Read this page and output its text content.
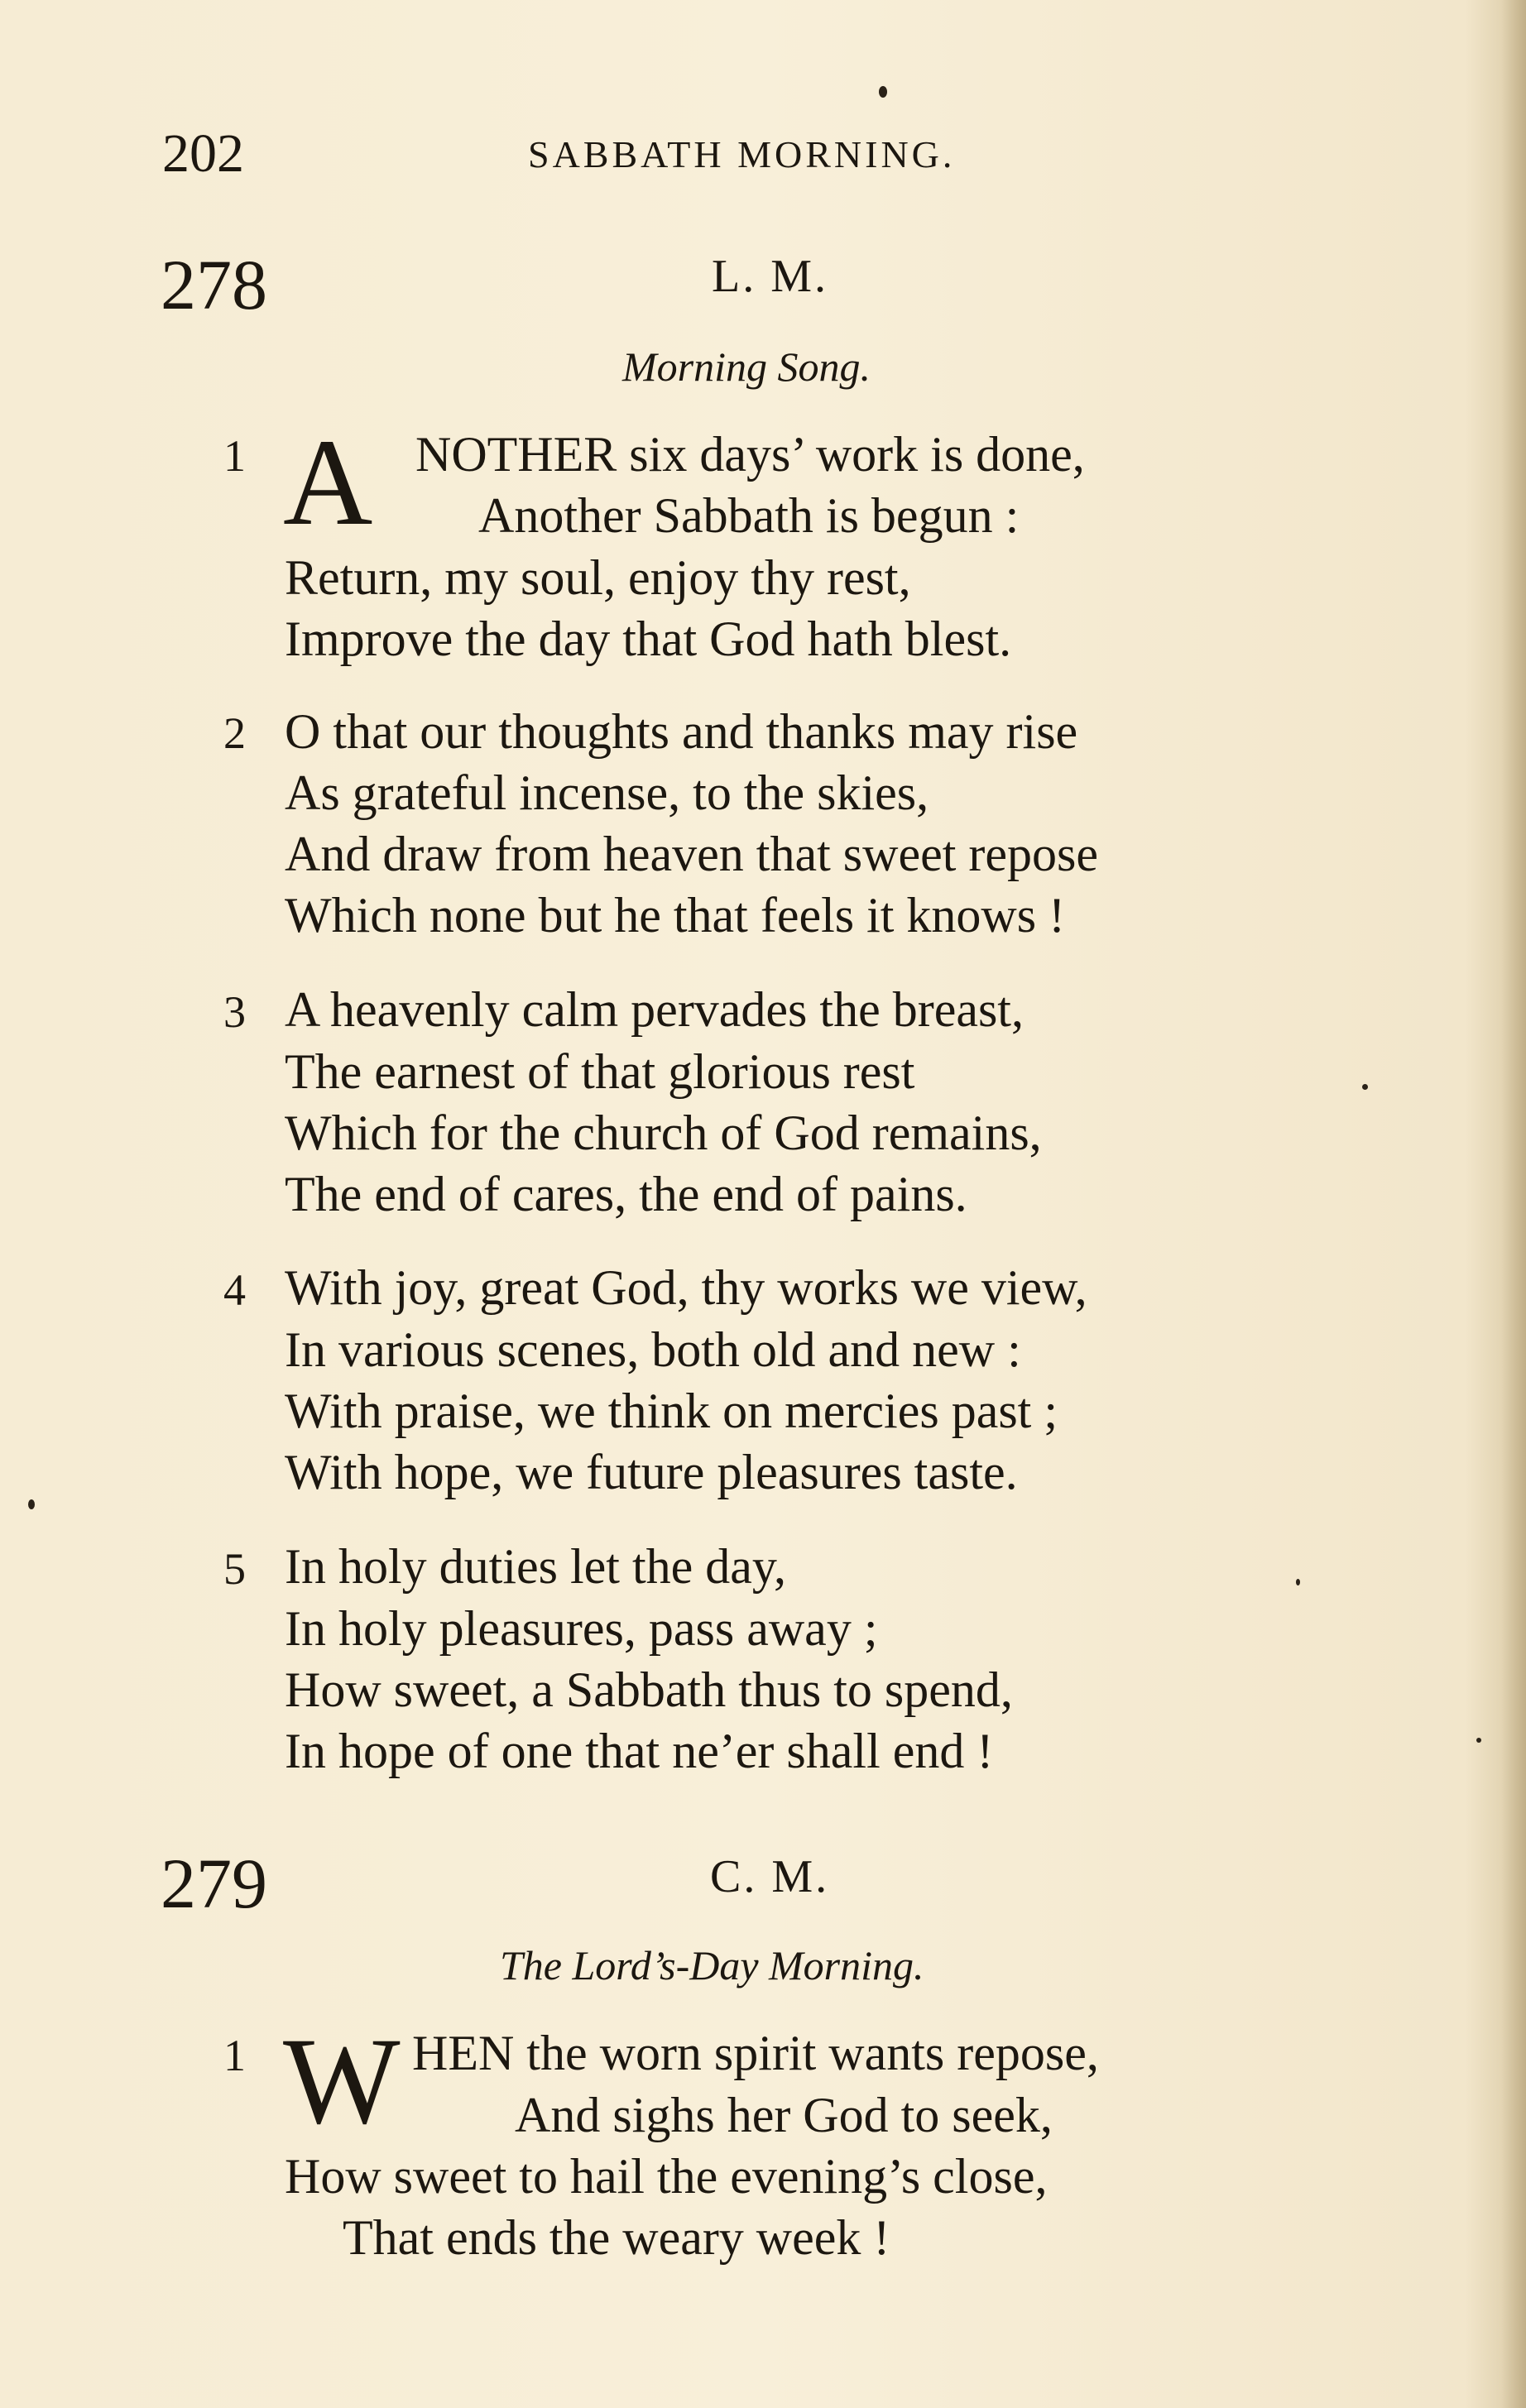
202	SABBATH MORNING.
278	L. M.
Morning Song.
1 A NOTHER six days’ work is done,
Another Sabbath is begun :
Return, my soul, enjoy thy rest,
Improve the day that God hath blest.
2 O that our thoughts and thanks may rise
As grateful incense, to the skies,
And draw from heaven that sweet repose
Which none but he that feels it knows !
3 A heavenly calm pervades the breast,
The earnest of that glorious rest
Which for the church of God remains,
The end of cares, the end of pains.
4 With joy, great God, thy works we view,
In various scenes, both old and new :
With praise, we think on mercies past ;
With hope, we future pleasures taste.
5 In holy duties let the day,
In holy pleasures, pass away ;
How sweet, a Sabbath thus to spend,
In hope of one that ne’er shall end !
279	C. M.
The Lord’s-Day Morning.
1 W HEN the worn spirit wants repose,
And sighs her God to seek,
How sweet to hail the evening’s close,
That ends the weary week !
